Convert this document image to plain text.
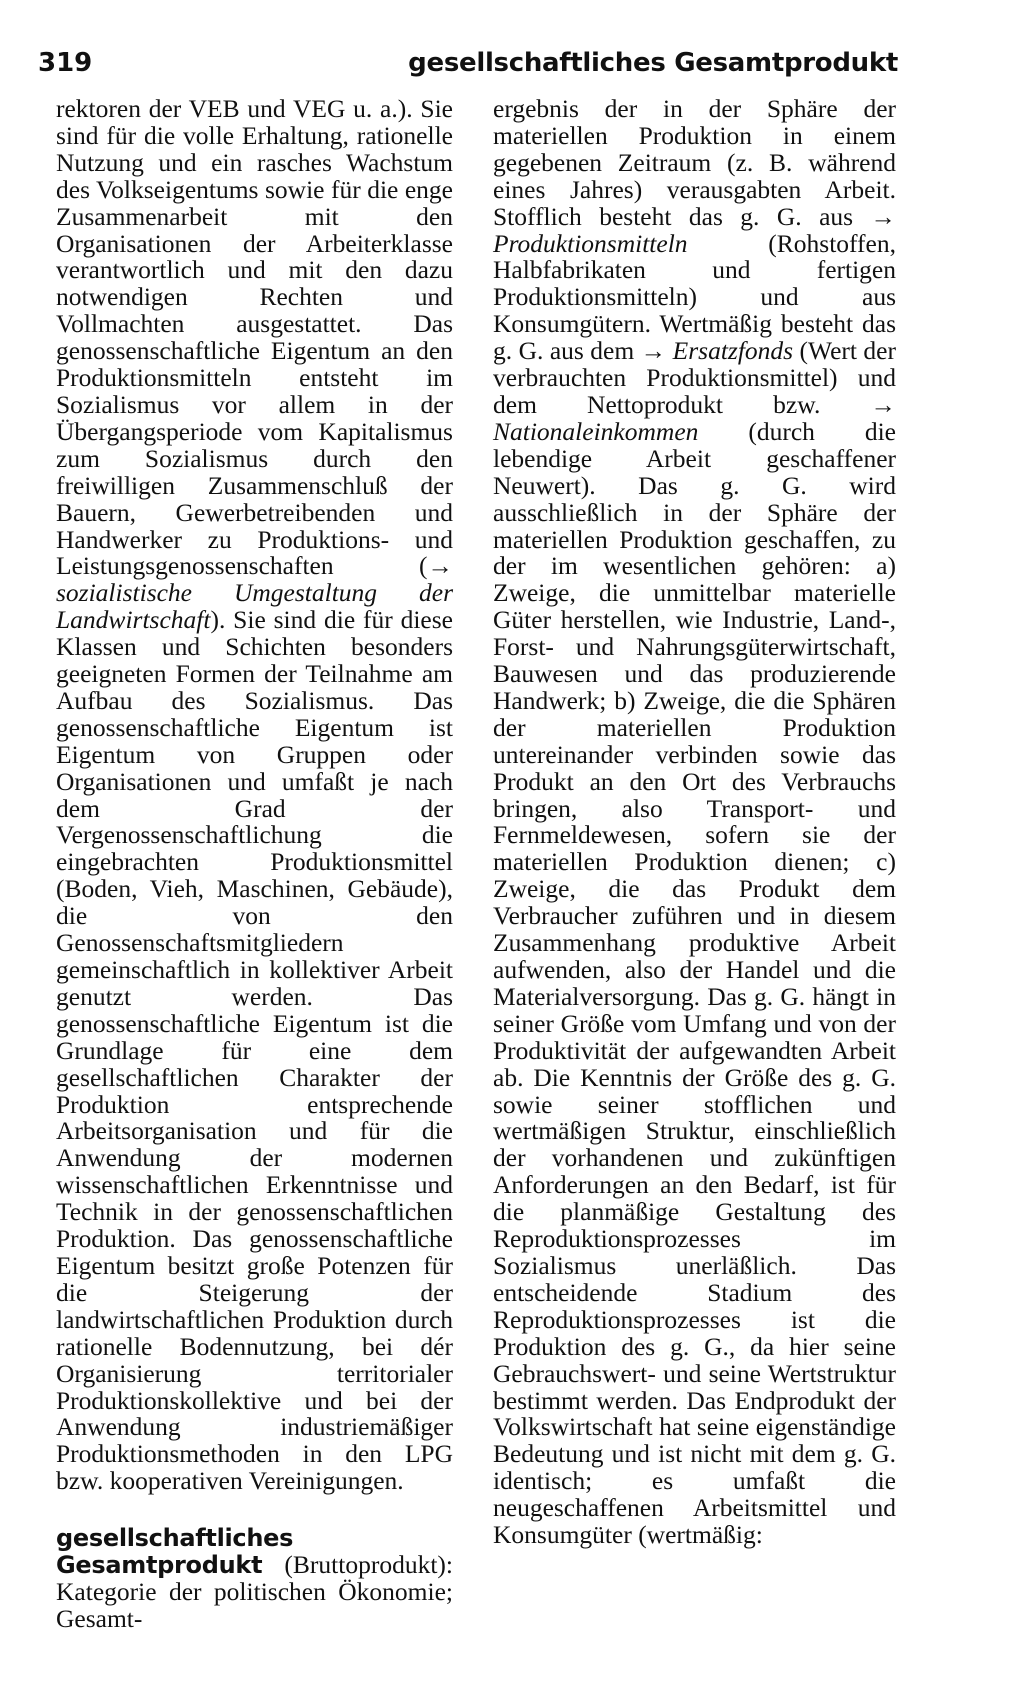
319	gesellschaftliches Gesamtprodukt

rektoren der VEB und VEG u. a.). Sie sind für die volle Erhaltung, rationelle Nutzung und ein rasches Wachstum des Volkseigentums sowie für die enge Zusammenarbeit mit den Organisationen der Arbeiterklasse verantwortlich und mit den dazu notwendigen Rechten und Vollmachten ausgestattet. Das genossenschaftliche Eigentum an den Produktionsmitteln entsteht im Sozialismus vor allem in der Übergangsperiode vom Kapitalismus zum Sozialismus durch den freiwilligen Zusammenschluß der Bauern, Gewerbetreibenden und Handwerker zu Produktions- und Leistungsgenossenschaften (→ sozialistische Umgestaltung der Landwirtschaft). Sie sind die für diese Klassen und Schichten besonders geeigneten Formen der Teilnahme am Aufbau des Sozialismus. Das genossenschaftliche Eigentum ist Eigentum von Gruppen oder Organisationen und umfaßt je nach dem Grad der Vergenossenschaftlichung die eingebrachten Produktionsmittel (Boden, Vieh, Maschinen, Gebäude), die von den Genossenschaftsmitgliedern gemeinschaftlich in kollektiver Arbeit genutzt werden. Das genossenschaftliche Eigentum ist die Grundlage für eine dem gesellschaftlichen Charakter der Produktion entsprechende Arbeitsorganisation und für die Anwendung der modernen wissenschaftlichen Erkenntnisse und Technik in der genossenschaftlichen Produktion. Das genossenschaftliche Eigentum besitzt große Potenzen für die Steigerung der landwirtschaftlichen Produktion durch rationelle Bodennutzung, bei dér Organisierung territorialer Produktionskollektive und bei der Anwendung industriemäßiger Produktionsmethoden in den LPG bzw. kooperativen Vereinigungen.

gesellschaftliches Gesamtprodukt (Bruttoprodukt): Kategorie der politischen Ökonomie; Gesamt-

ergebnis der in der Sphäre der materiellen Produktion in einem gegebenen Zeitraum (z. B. während eines Jahres) verausgabten Arbeit. Stofflich besteht das g. G. aus → Produktionsmitteln (Rohstoffen, Halbfabrikaten und fertigen Produktionsmitteln) und aus Konsumgütern. Wertmäßig besteht das g. G. aus dem → Ersatzfonds (Wert der verbrauchten Produktionsmittel) und dem Nettoprodukt bzw. → Nationaleinkommen (durch die lebendige Arbeit geschaffener Neuwert). Das g. G. wird ausschließlich in der Sphäre der materiellen Produktion geschaffen, zu der im wesentlichen gehören: a) Zweige, die unmittelbar materielle Güter herstellen, wie Industrie, Land-, Forst- und Nahrungsgüterwirtschaft, Bauwesen und das produzierende Handwerk; b) Zweige, die die Sphären der materiellen Produktion untereinander verbinden sowie das Produkt an den Ort des Verbrauchs bringen, also Transport- und Fernmeldewesen, sofern sie der materiellen Produktion dienen; c) Zweige, die das Produkt dem Verbraucher zuführen und in diesem Zusammenhang produktive Arbeit aufwenden, also der Handel und die Materialversorgung. Das g. G. hängt in seiner Größe vom Umfang und von der Produktivität der aufgewandten Arbeit ab. Die Kenntnis der Größe des g. G. sowie seiner stofflichen und wertmäßigen Struktur, einschließlich der vorhandenen und zukünftigen Anforderungen an den Bedarf, ist für die planmäßige Gestaltung des Reproduktionsprozesses im Sozialismus unerläßlich. Das entscheidende Stadium des Reproduktionsprozesses ist die Produktion des g. G., da hier seine Gebrauchswert- und seine Wertstruktur bestimmt werden. Das Endprodukt der Volkswirtschaft hat seine eigenständige Bedeutung und ist nicht mit dem g. G. identisch; es umfaßt die neugeschaffenen Arbeitsmittel und Konsumgüter (wertmäßig:
